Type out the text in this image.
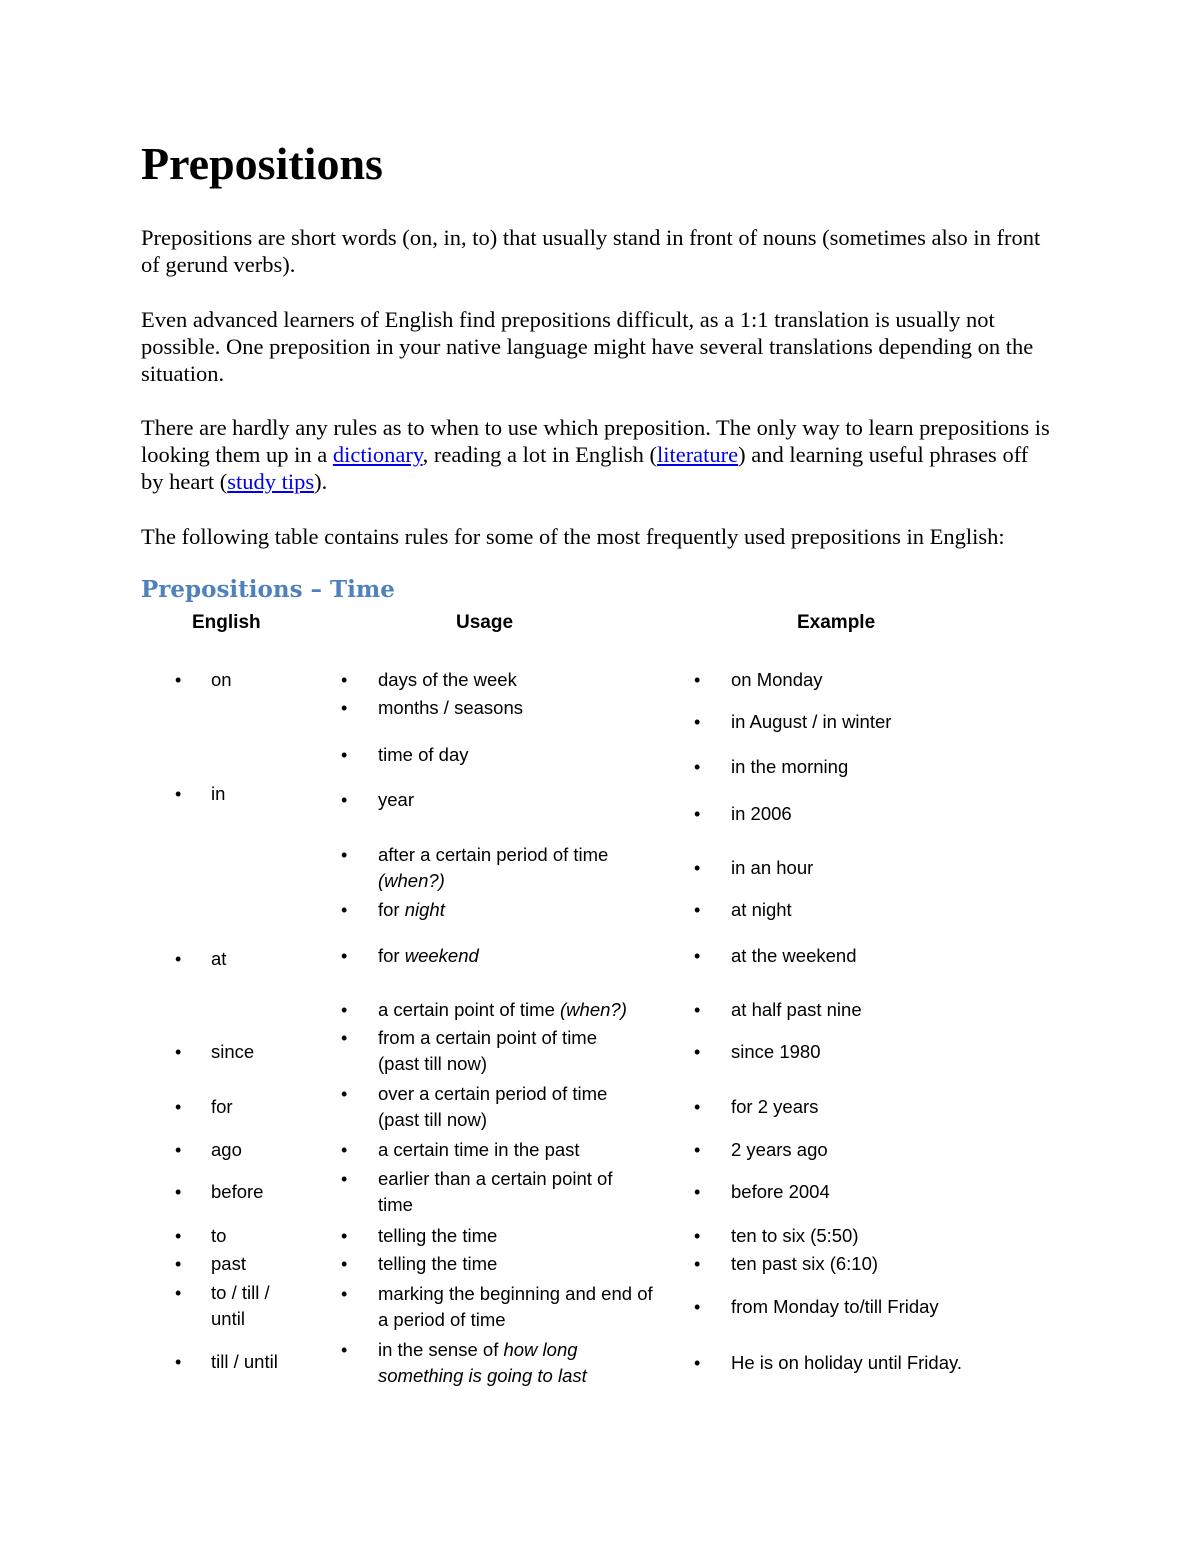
Prepositions

Prepositions are short words (on, in, to) that usually stand in front of nouns (sometimes also in front of gerund verbs).

Even advanced learners of English find prepositions difficult, as a 1:1 translation is usually not possible. One preposition in your native language might have several translations depending on the situation.

There are hardly any rules as to when to use which preposition. The only way to learn prepositions is looking them up in a dictionary, reading a lot in English (literature) and learning useful phrases off by heart (study tips).

The following table contains rules for some of the most frequently used prepositions in English:

Prepositions – Time
English	Usage	Example
• on
• in
• at
• since
• for
• ago
• before
• to
• past
• to / till / until
• till / until
• days of the week
• months / seasons
• time of day
• year
• after a certain period of time (when?)
• for night
• for weekend
• a certain point of time (when?)
• from a certain point of time (past till now)
• over a certain period of time (past till now)
• a certain time in the past
• earlier than a certain point of time
• telling the time
• telling the time
• marking the beginning and end of a period of time
• in the sense of how long something is going to last
• on Monday
• in August / in winter
• in the morning
• in 2006
• in an hour
• at night
• at the weekend
• at half past nine
• since 1980
• for 2 years
• 2 years ago
• before 2004
• ten to six (5:50)
• ten past six (6:10)
• from Monday to/till Friday
• He is on holiday until Friday.
